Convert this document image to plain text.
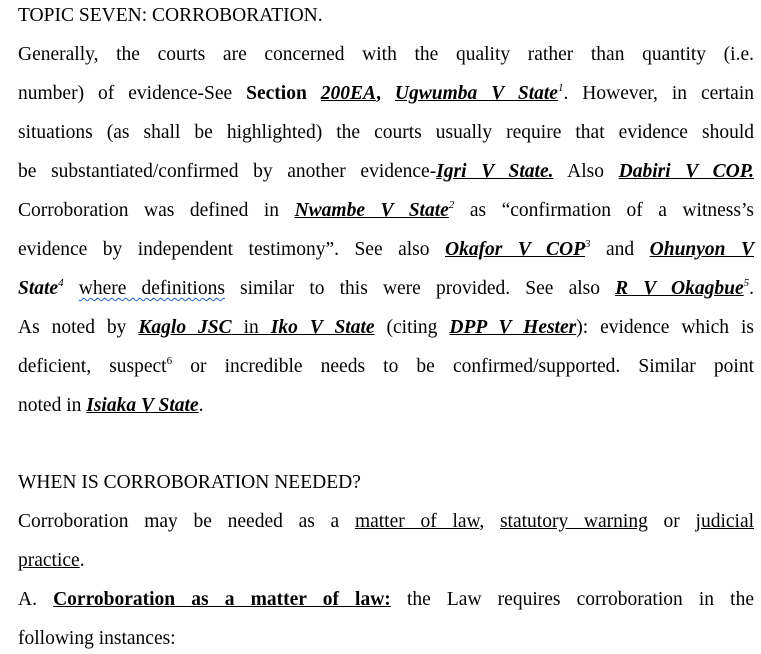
TOPIC SEVEN: CORROBORATION.
Generally, the courts are concerned with the quality rather than quantity (i.e.
number) of evidence-See Section 200EA, Ugwumba V State$^1$. However, in certain
situations (as shall be highlighted) the courts usually require that evidence should
be substantiated/confirmed by another evidence-Igri V State. Also Dabiri V COP.
Corroboration was defined in Nwambe V State$^2$ as “confirmation of a witness’s
evidence by independent testimony”. See also Okafor V COP$^3$ and Ohunyon V
State$^4$ where definitions similar to this were provided. See also R V Okagbue$^5$.
As noted by Kaglo JSC in Iko V State (citing DPP V Hester): evidence which is
deficient, suspect$^6$ or incredible needs to be confirmed/supported. Similar point
noted in Isiaka V State.
WHEN IS CORROBORATION NEEDED?
Corroboration may be needed as a matter of law, statutory warning or judicial
practice.
A. Corroboration as a matter of law: the Law requires corroboration in the
following instances:
